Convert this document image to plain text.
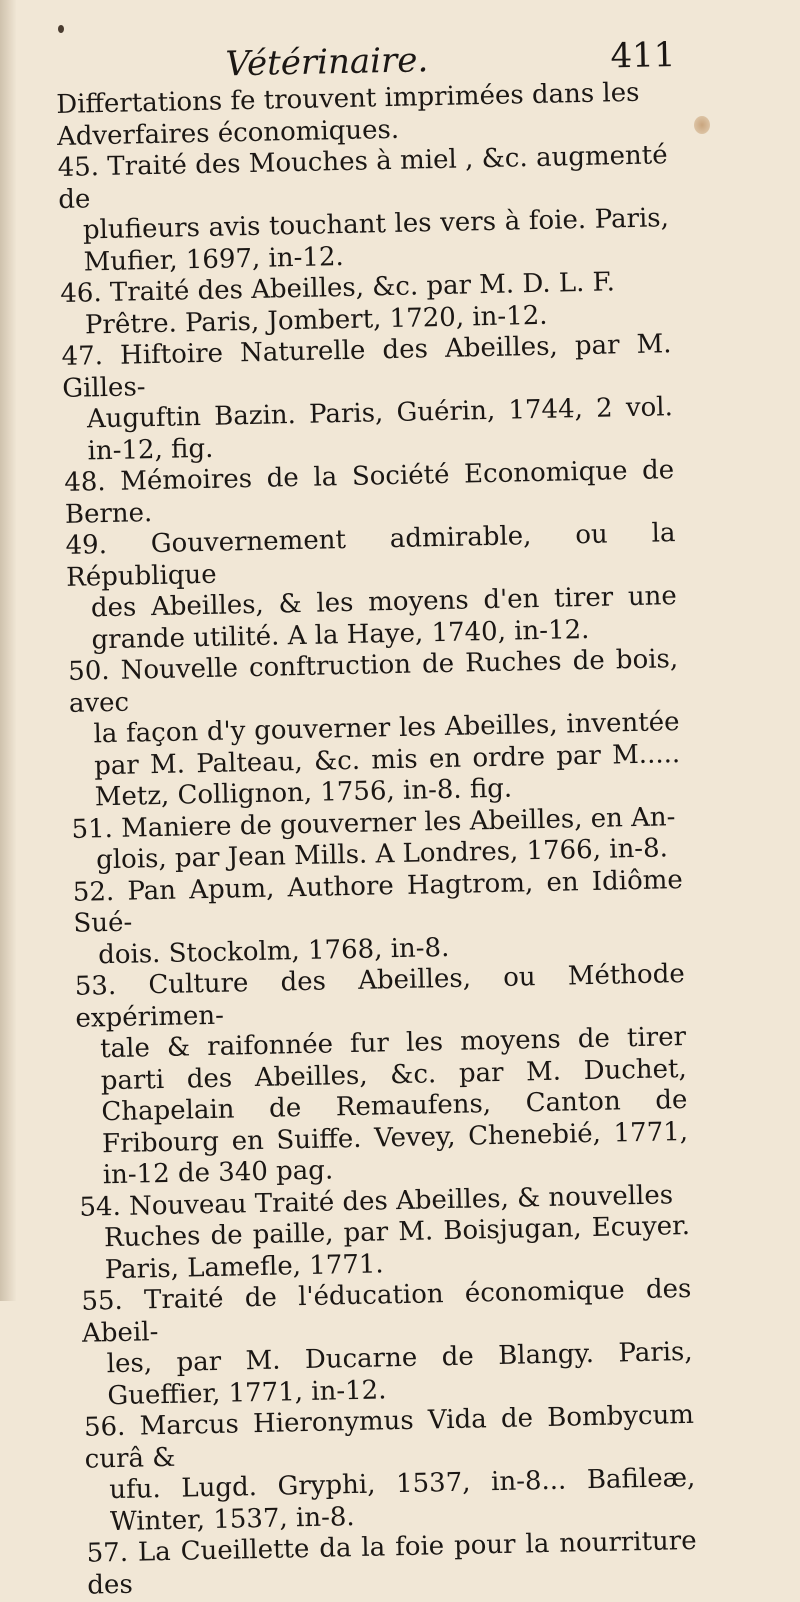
Vétérinaire.	411
Differtations fe trouvent imprimées dans les Adverfaires économiques.
45. Traité des Mouches à miel , &c. augmenté de
plufieurs avis touchant les vers à foie. Paris, Mufier, 1697, in-12.
46. Traité des Abeilles, &c. par M. D. L. F.
Prêtre. Paris, Jombert, 1720, in-12.
47. Hiftoire Naturelle des Abeilles, par M. Gilles-
Auguftin Bazin. Paris, Guérin, 1744, 2 vol. in-12, fig.
48. Mémoires de la Société Economique de Berne.
49. Gouvernement admirable, ou la République
des Abeilles, & les moyens d'en tirer une grande utilité. A la Haye, 1740, in-12.
50. Nouvelle conftruction de Ruches de bois, avec
la façon d'y gouverner les Abeilles, inventée par M. Palteau, &c. mis en ordre par M..... Metz, Collignon, 1756, in-8. fig.
51. Maniere de gouverner les Abeilles, en An-
glois, par Jean Mills. A Londres, 1766, in-8.
52. Pan Apum, Authore Hagtrom, en Idiôme Sué-
dois. Stockolm, 1768, in-8.
53. Culture des Abeilles, ou Méthode expérimen-
tale & raifonnée fur les moyens de tirer parti des Abeilles, &c. par M. Duchet, Chapelain de Remaufens, Canton de Fribourg en Suiffe. Vevey, Chenebié, 1771, in-12 de 340 pag.
54. Nouveau Traité des Abeilles, & nouvelles
Ruches de paille, par M. Boisjugan, Ecuyer. Paris, Lamefle, 1771.
55. Traité de l'éducation économique des Abeil-
les, par M. Ducarne de Blangy. Paris, Gueffier, 1771, in-12.
56. Marcus Hieronymus Vida de Bombycum curâ &
ufu. Lugd. Gryphi, 1537, in-8... Bafileæ, Winter, 1537, in-8.
57. La Cueillette da la foie pour la nourriture des
